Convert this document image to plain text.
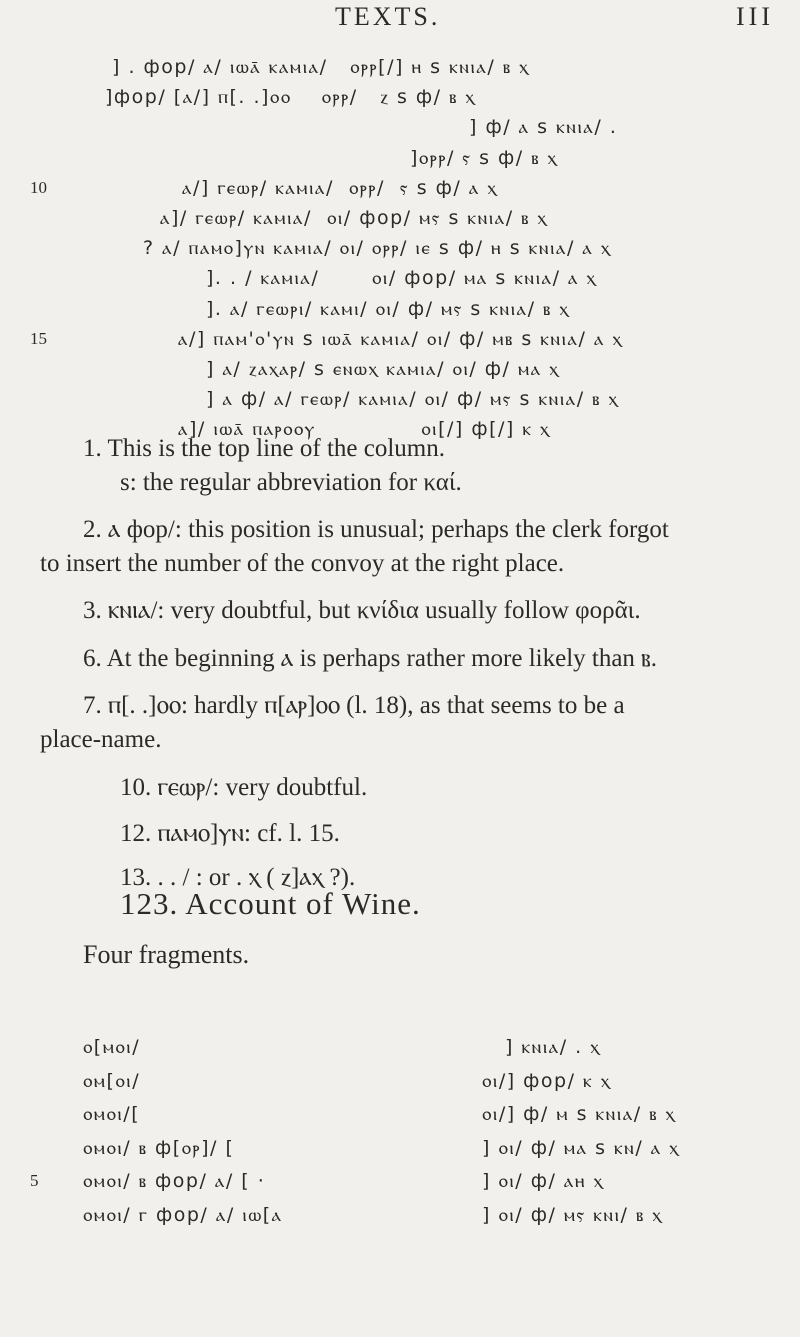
TEXTS.	III
] . фор/ ⲁ/ ⲓⲱⲁ̄ ⲕⲁⲙⲓⲁ/   ⲟⲣⲣ[/] ⲏ s ⲕⲛⲓⲁ/ ⲃ ⲭ
]фор/ [ⲁ/] ⲡ[. .]ⲟⲟ    ⲟⲣⲣ/   ⲍ s ф/ ⲃ ⲭ
] ф/ ⲁ s ⲕⲛⲓⲁ/ .
]ⲟⲣⲣ/ ⲋ s ф/ ⲃ ⲭ
ⲁ/] ⲅⲉⲱⲣ/ ⲕⲁⲙⲓⲁ/  ⲟⲣⲣ/  ⲋ s ф/ ⲁ ⲭ
10
ⲁ]/ ⲅⲉⲱⲣ/ ⲕⲁⲙⲓⲁ/  ⲟⲓ/ фор/ ⲙⲋ s ⲕⲛⲓⲁ/ ⲃ ⲭ
? ⲁ/ ⲡⲁⲙⲟ]ⲩⲛ ⲕⲁⲙⲓⲁ/ ⲟⲓ/ ⲟⲣⲣ/ ⲓⲉ s ф/ ⲏ s ⲕⲛⲓⲁ/ ⲁ ⲭ
]. . / ⲕⲁⲙⲓⲁ/       ⲟⲓ/ фор/ ⲙⲁ s ⲕⲛⲓⲁ/ ⲁ ⲭ
]. ⲁ/ ⲅⲉⲱⲣⲓ/ ⲕⲁⲙⲓ/ ⲟⲓ/ ф/ ⲙⲋ s ⲕⲛⲓⲁ/ ⲃ ⲭ
ⲁ/] ⲡⲁⲙ'ⲟ'ⲩⲛ s ⲓⲱⲁ̄ ⲕⲁⲙⲓⲁ/ ⲟⲓ/ ф/ ⲙⲃ s ⲕⲛⲓⲁ/ ⲁ ⲭ
15
] ⲁ/ ⲍⲁⲭⲁⲣ/ s ⲉⲛⲱⲭ ⲕⲁⲙⲓⲁ/ ⲟⲓ/ ф/ ⲙⲁ ⲭ
] ⲁ ф/ ⲁ/ ⲅⲉⲱⲣ/ ⲕⲁⲙⲓⲁ/ ⲟⲓ/ ф/ ⲙⲋ s ⲕⲛⲓⲁ/ ⲃ ⲭ
ⲁ]/ ⲓⲱⲁ̄ ⲡⲁⲣⲟⲟⲩ              ⲟⲓ[/] ф[/] ⲕ ⲭ
1. This is the top line of the column.
s: the regular abbreviation for καί.
2. ⲁ фор/: this position is unusual; perhaps the clerk forgot
to insert the number of the convoy at the right place.
3. ⲕⲛⲓⲁ/: very doubtful, but κνίδια usually follow φορᾶι.
6. At the beginning ⲁ is perhaps rather more likely than ⲃ.
7. ⲡ[. .]ⲟⲟ: hardly ⲡ[ⲁⲣ]ⲟⲟ (l. 18), as that seems to be a
place-name.
10. ⲅⲉⲱⲣ/: very doubtful.
12. ⲡⲁⲙⲟ]ⲩⲛ: cf. l. 15.
13. . . / : or . ⲭ ( ⲍ]ⲁⲭ ?).
123. Account of Wine.
Four fragments.
ⲟ[ⲙⲟⲓ/
ⲟⲙ[ⲟⲓ/
ⲟⲙⲟⲓ/[
ⲟⲙⲟⲓ/ ⲃ ф[ⲟⲣ]/ [
ⲟⲙⲟⲓ/ ⲃ фор/ ⲁ/ [ ·
5
ⲟⲙⲟⲓ/ ⲅ фор/ ⲁ/ ⲓⲱ[ⲁ
] ⲕⲛⲓⲁ/ . ⲭ
ⲟⲓ/] фор/ ⲕ ⲭ
ⲟⲓ/] ф/ ⲙ s ⲕⲛⲓⲁ/ ⲃ ⲭ
] ⲟⲓ/ ф/ ⲙⲁ s ⲕⲛ/ ⲁ ⲭ
] ⲟⲓ/ ф/ ⲁⲏ ⲭ
] ⲟⲓ/ ф/ ⲙⲋ ⲕⲛⲓ/ ⲃ ⲭ
